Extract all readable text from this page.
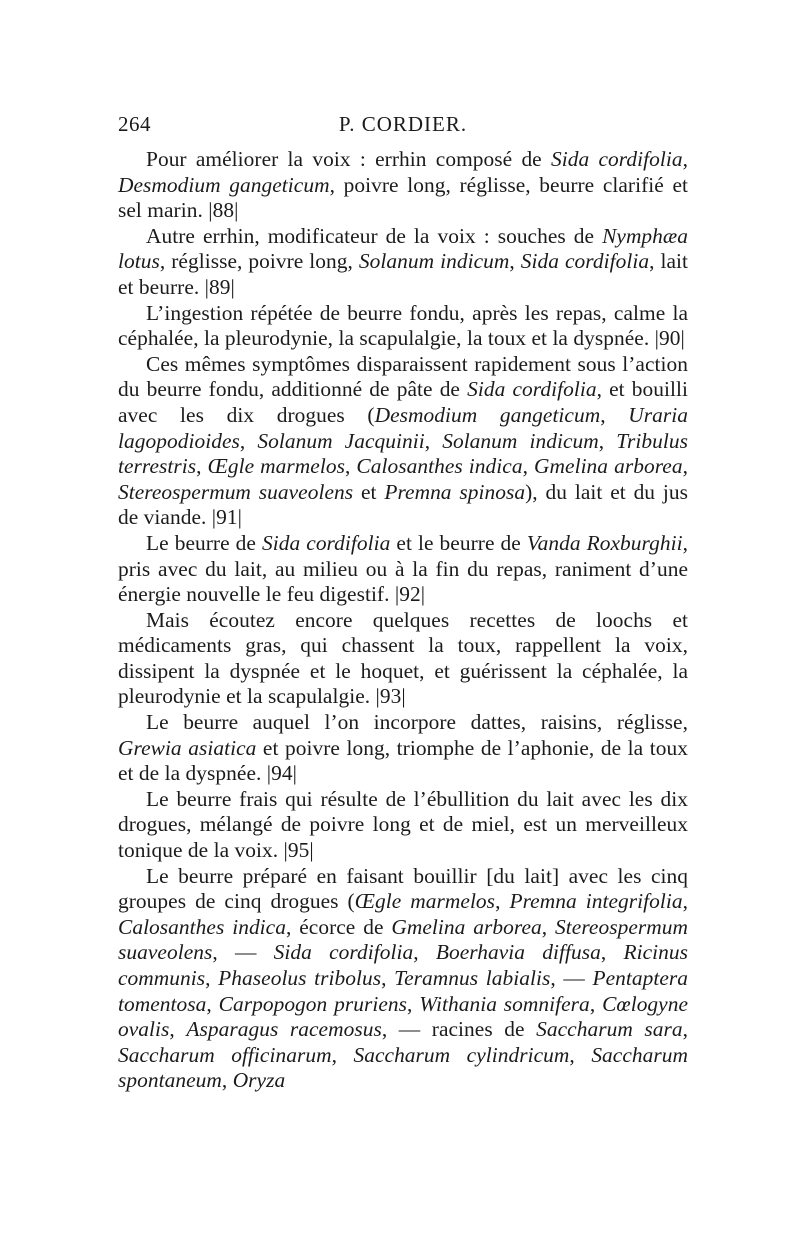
264	P. CORDIER.

Pour améliorer la voix : errhin composé de Sida cordifolia, Desmodium gangeticum, poivre long, réglisse, beurre clarifié et sel marin. |88|

Autre errhin, modificateur de la voix : souches de Nymphæa lotus, réglisse, poivre long, Solanum indicum, Sida cordifolia, lait et beurre. |89|

L’ingestion répétée de beurre fondu, après les repas, calme la céphalée, la pleurodynie, la scapulalgie, la toux et la dyspnée. |90|

Ces mêmes symptômes disparaissent rapidement sous l’action du beurre fondu, additionné de pâte de Sida cordifolia, et bouilli avec les dix drogues (Desmodium gangeticum, Uraria lagopodioides, Solanum Jacquinii, Solanum indicum, Tribulus terrestris, Œgle marmelos, Calosanthes indica, Gmelina arborea, Stereospermum suaveolens et Premna spinosa), du lait et du jus de viande. |91|

Le beurre de Sida cordifolia et le beurre de Vanda Roxburghii, pris avec du lait, au milieu ou à la fin du repas, raniment d’une énergie nouvelle le feu digestif. |92|

Mais écoutez encore quelques recettes de loochs et médicaments gras, qui chassent la toux, rappellent la voix, dissipent la dyspnée et le hoquet, et guérissent la céphalée, la pleurodynie et la scapulalgie. |93|

Le beurre auquel l’on incorpore dattes, raisins, réglisse, Grewia asiatica et poivre long, triomphe de l’aphonie, de la toux et de la dyspnée. |94|

Le beurre frais qui résulte de l’ébullition du lait avec les dix drogues, mélangé de poivre long et de miel, est un merveilleux tonique de la voix. |95|

Le beurre préparé en faisant bouillir [du lait] avec les cinq groupes de cinq drogues (Œgle marmelos, Premna integrifolia, Calosanthes indica, écorce de Gmelina arborea, Stereospermum suaveolens, — Sida cordifolia, Boerhavia diffusa, Ricinus communis, Phaseolus tribolus, Teramnus labialis, — Pentaptera tomentosa, Carpopogon pruriens, Withania somnifera, Cœlogyne ovalis, Asparagus racemosus, — racines de Saccharum sara, Saccharum officinarum, Saccharum cylindricum, Saccharum spontaneum, Oryza
